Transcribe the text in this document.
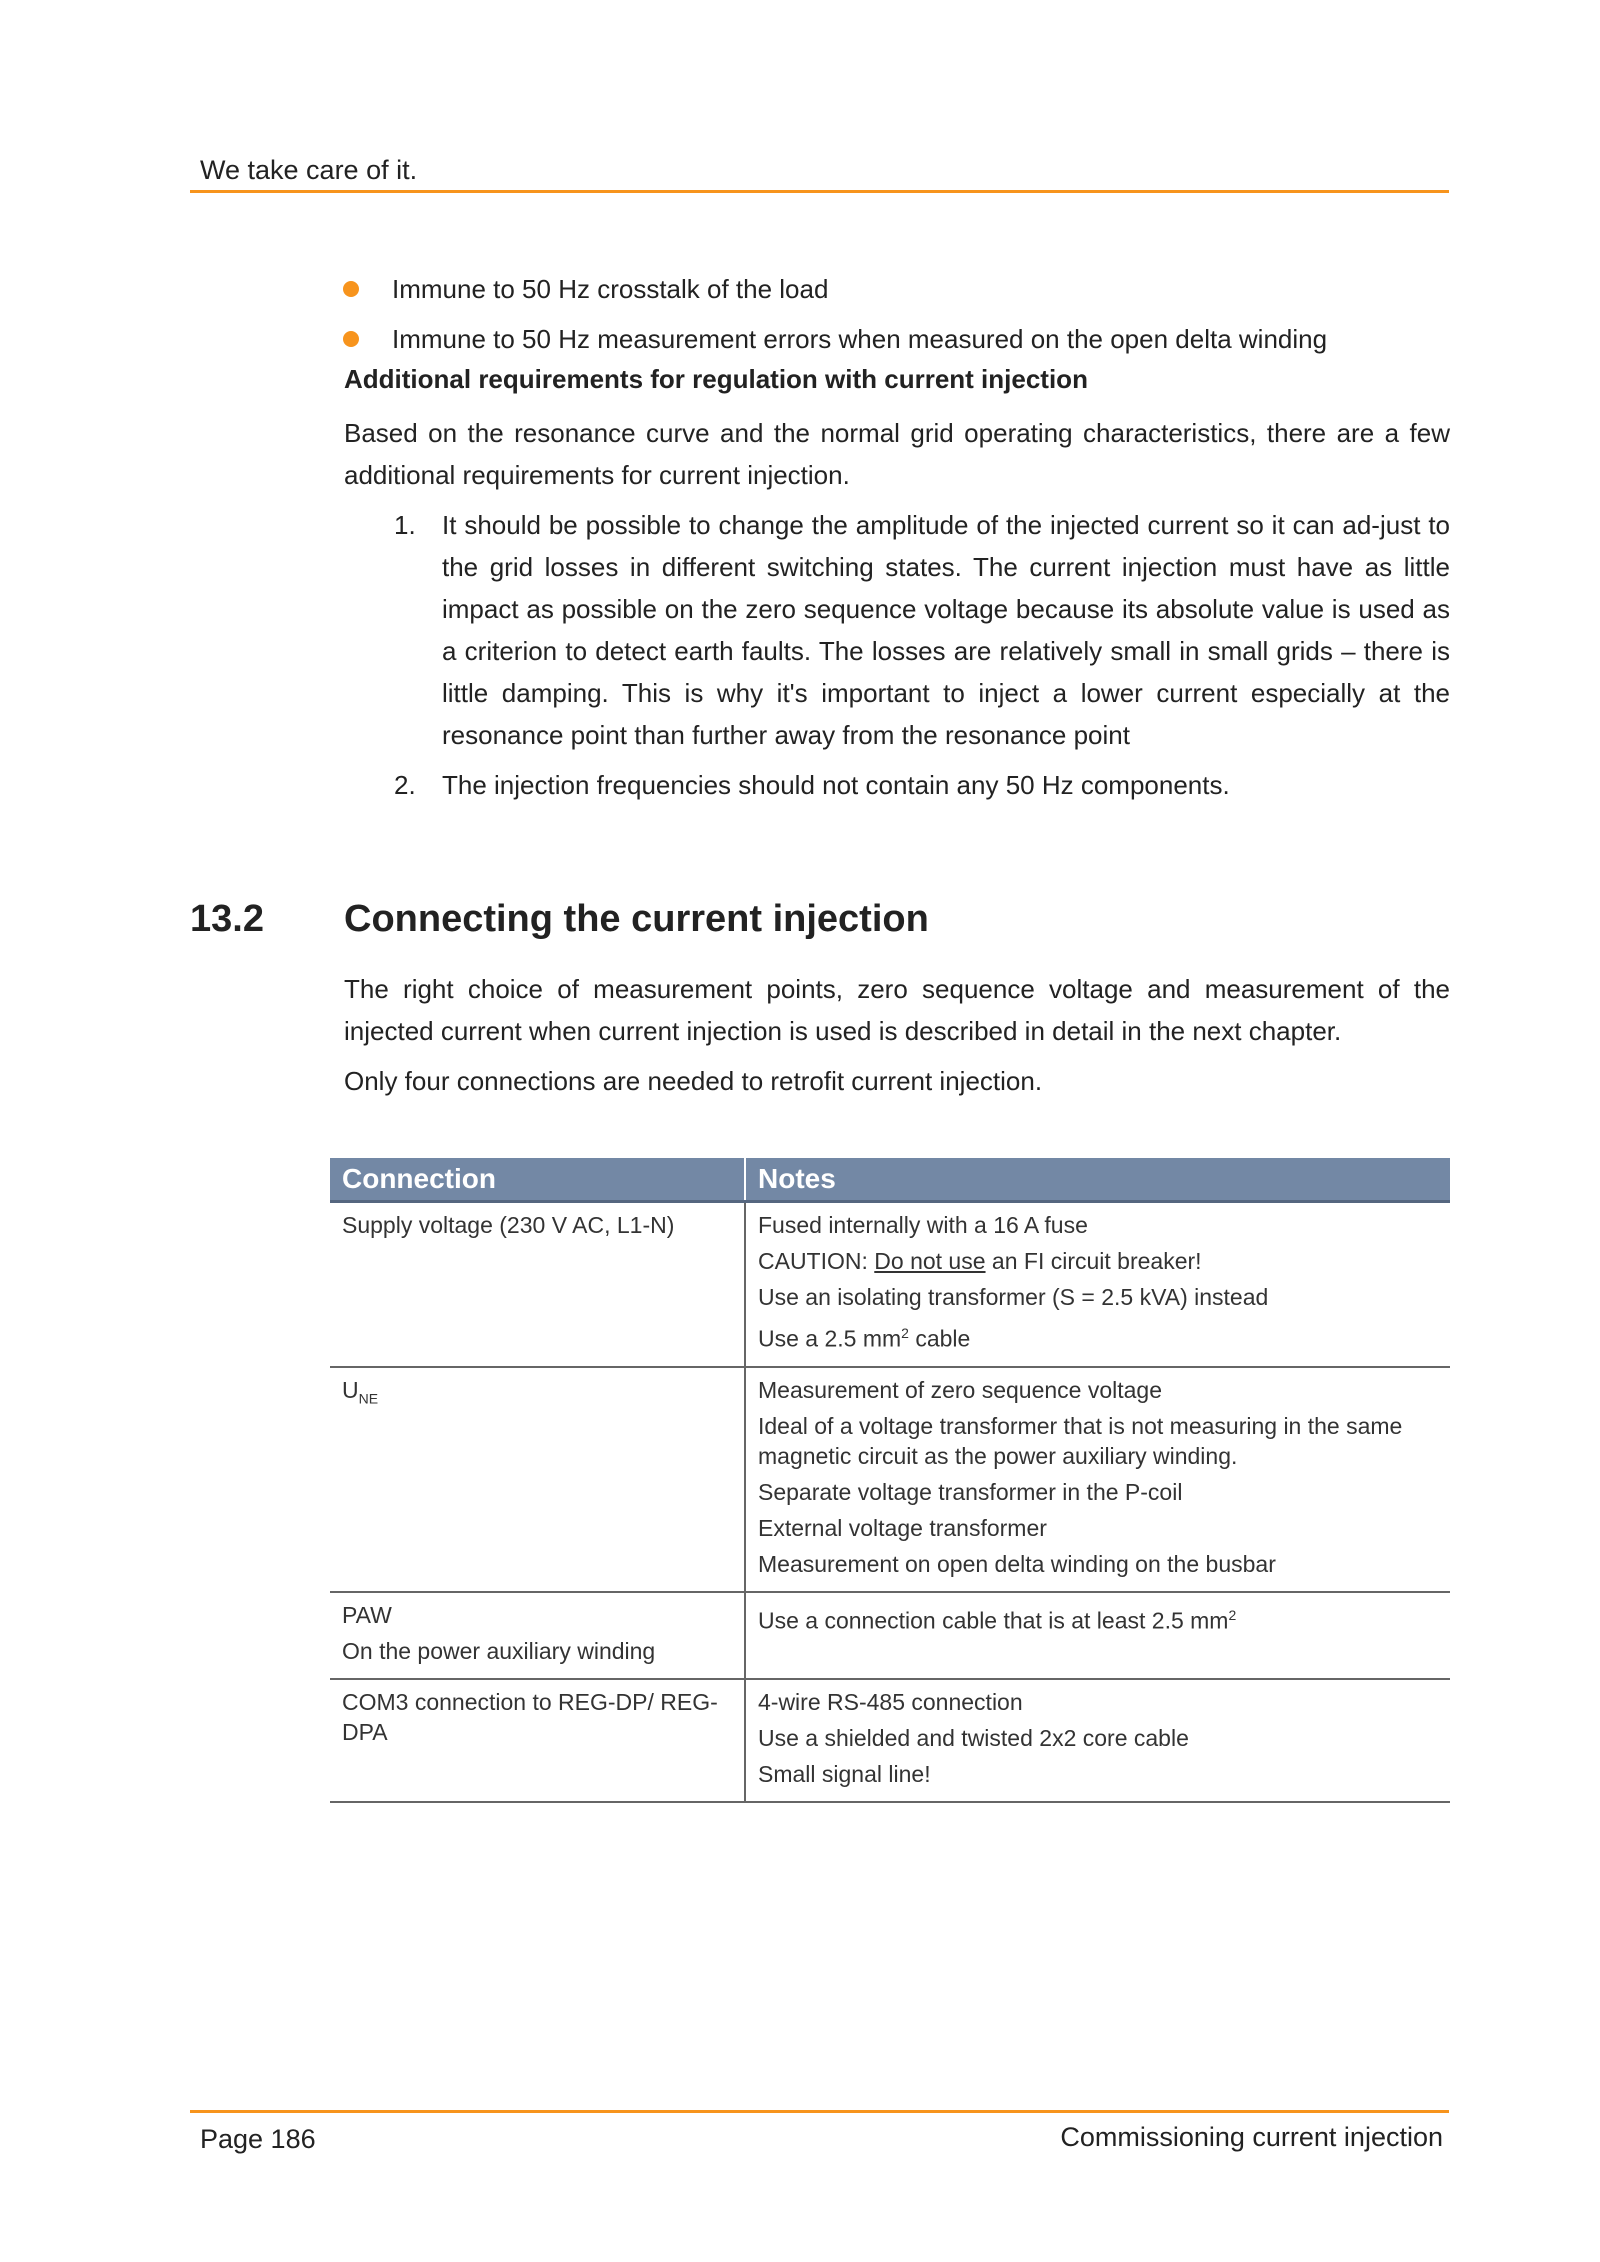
We take care of it.
Immune to 50 Hz crosstalk of the load
Immune to 50 Hz measurement errors when measured on the open delta winding
Additional requirements for regulation with current injection
Based on the resonance curve and the normal grid operating characteristics, there are a few additional requirements for current injection.
1. It should be possible to change the amplitude of the injected current so it can ad-just to the grid losses in different switching states. The current injection must have as little impact as possible on the zero sequence voltage because its absolute value is used as a criterion to detect earth faults. The losses are relatively small in small grids – there is little damping. This is why it's important to inject a lower current especially at the resonance point than further away from the resonance point
2. The injection frequencies should not contain any 50 Hz components.
13.2 Connecting the current injection
The right choice of measurement points, zero sequence voltage and measurement of the injected current when current injection is used is described in detail in the next chapter.
Only four connections are needed to retrofit current injection.
Connection	Notes

Supply voltage (230 V AC, L1-N)	Fused internally with a 16 A fuse
CAUTION: Do not use an FI circuit breaker!
Use an isolating transformer (S = 2.5 kVA) instead
Use a 2.5 $mm^2$ cable

$U_{NE}$	Measurement of zero sequence voltage
Ideal of a voltage transformer that is not measuring in the same magnetic circuit as the power auxiliary winding.
Separate voltage transformer in the P-coil
External voltage transformer
Measurement on open delta winding on the busbar

PAW
On the power auxiliary winding	Use a connection cable that is at least 2.5 $mm^2$

COM3 connection to REG-DP/ REG-DPA	4-wire RS-485 connection
Use a shielded and twisted 2x2 core cable
Small signal line!
Page 186	Commissioning current injection
